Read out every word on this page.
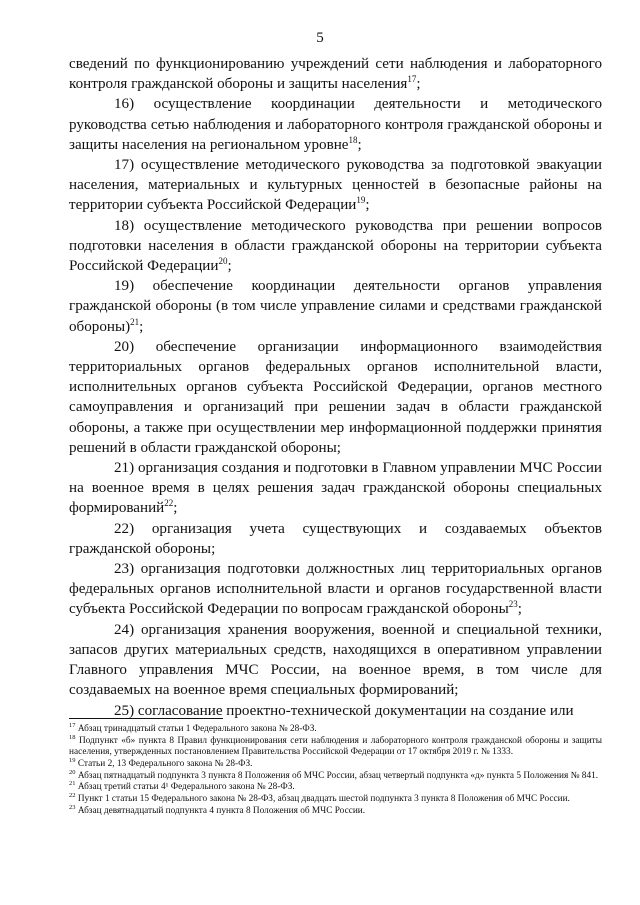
5

сведений по функционированию учреждений сети наблюдения и лабораторного контроля гражданской обороны и защиты населения$^{17}$;

16) осуществление координации деятельности и методического руководства сетью наблюдения и лабораторного контроля гражданской обороны и защиты населения на региональном уровне$^{18}$;

17) осуществление методического руководства за подготовкой эвакуации населения, материальных и культурных ценностей в безопасные районы на территории субъекта Российской Федерации$^{19}$;

18) осуществление методического руководства при решении вопросов подготовки населения в области гражданской обороны на территории субъекта Российской Федерации$^{20}$;

19) обеспечение координации деятельности органов управления гражданской обороны (в том числе управление силами и средствами гражданской обороны)$^{21}$;

20) обеспечение организации информационного взаимодействия территориальных органов федеральных органов исполнительной власти, исполнительных органов субъекта Российской Федерации, органов местного самоуправления и организаций при решении задач в области гражданской обороны, а также при осуществлении мер информационной поддержки принятия решений в области гражданской обороны;

21) организация создания и подготовки в Главном управлении МЧС России на военное время в целях решения задач гражданской обороны специальных формирований$^{22}$;

22) организация учета существующих и создаваемых объектов гражданской обороны;

23) организация подготовки должностных лиц территориальных органов федеральных органов исполнительной власти и органов государственной власти субъекта Российской Федерации по вопросам гражданской обороны$^{23}$;

24) организация хранения вооружения, военной и специальной техники, запасов других материальных средств, находящихся в оперативном управлении Главного управления МЧС России, на военное время, в том числе для создаваемых на военное время специальных формирований;

25) согласование проектно-технической документации на создание или

$^{17}$ Абзац тринадцатый статьи 1 Федерального закона № 28-ФЗ.

$^{18}$ Подпункт «б» пункта 8 Правил функционирования сети наблюдения и лабораторного контроля гражданской обороны и защиты населения, утвержденных постановлением Правительства Российской Федерации от 17 октября 2019 г. № 1333.

$^{19}$ Статьи 2, 13 Федерального закона № 28-ФЗ.

$^{20}$ Абзац пятнадцатый подпункта 3 пункта 8 Положения об МЧС России, абзац четвертый подпункта «д» пункта 5 Положения № 841.

$^{21}$ Абзац третий статьи 4¹ Федерального закона № 28-ФЗ.

$^{22}$ Пункт 1 статьи 15 Федерального закона № 28-ФЗ, абзац двадцать шестой подпункта 3 пункта 8 Положения об МЧС России.

$^{23}$ Абзац девятнадцатый подпункта 4 пункта 8 Положения об МЧС России.
